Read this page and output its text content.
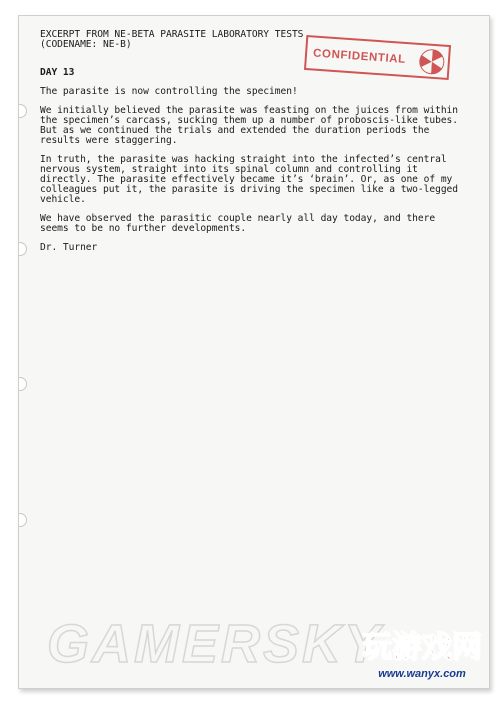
EXCERPT FROM NE-BETA PARASITE LABORATORY TESTS
(CODENAME: NE-B)
DAY 13

The parasite is now controlling the specimen!

We initially believed the parasite was feasting on the juices from within the specimen’s carcass, sucking them up a number of proboscis-like tubes. But as we continued the trials and extended the duration periods the results were staggering.

In truth, the parasite was hacking straight into the infected’s central nervous system, straight into its spinal column and controlling it directly. The parasite effectively became it’s ‘brain’. Or, as one of my colleagues put it, the parasite is driving the specimen like a two-legged vehicle.

We have observed the parasitic couple nearly all day today, and there seems to be no further developments.

Dr. Turner

CONFIDENTIAL
GAMERSKY
玩游戏网
www.wanyx.com
